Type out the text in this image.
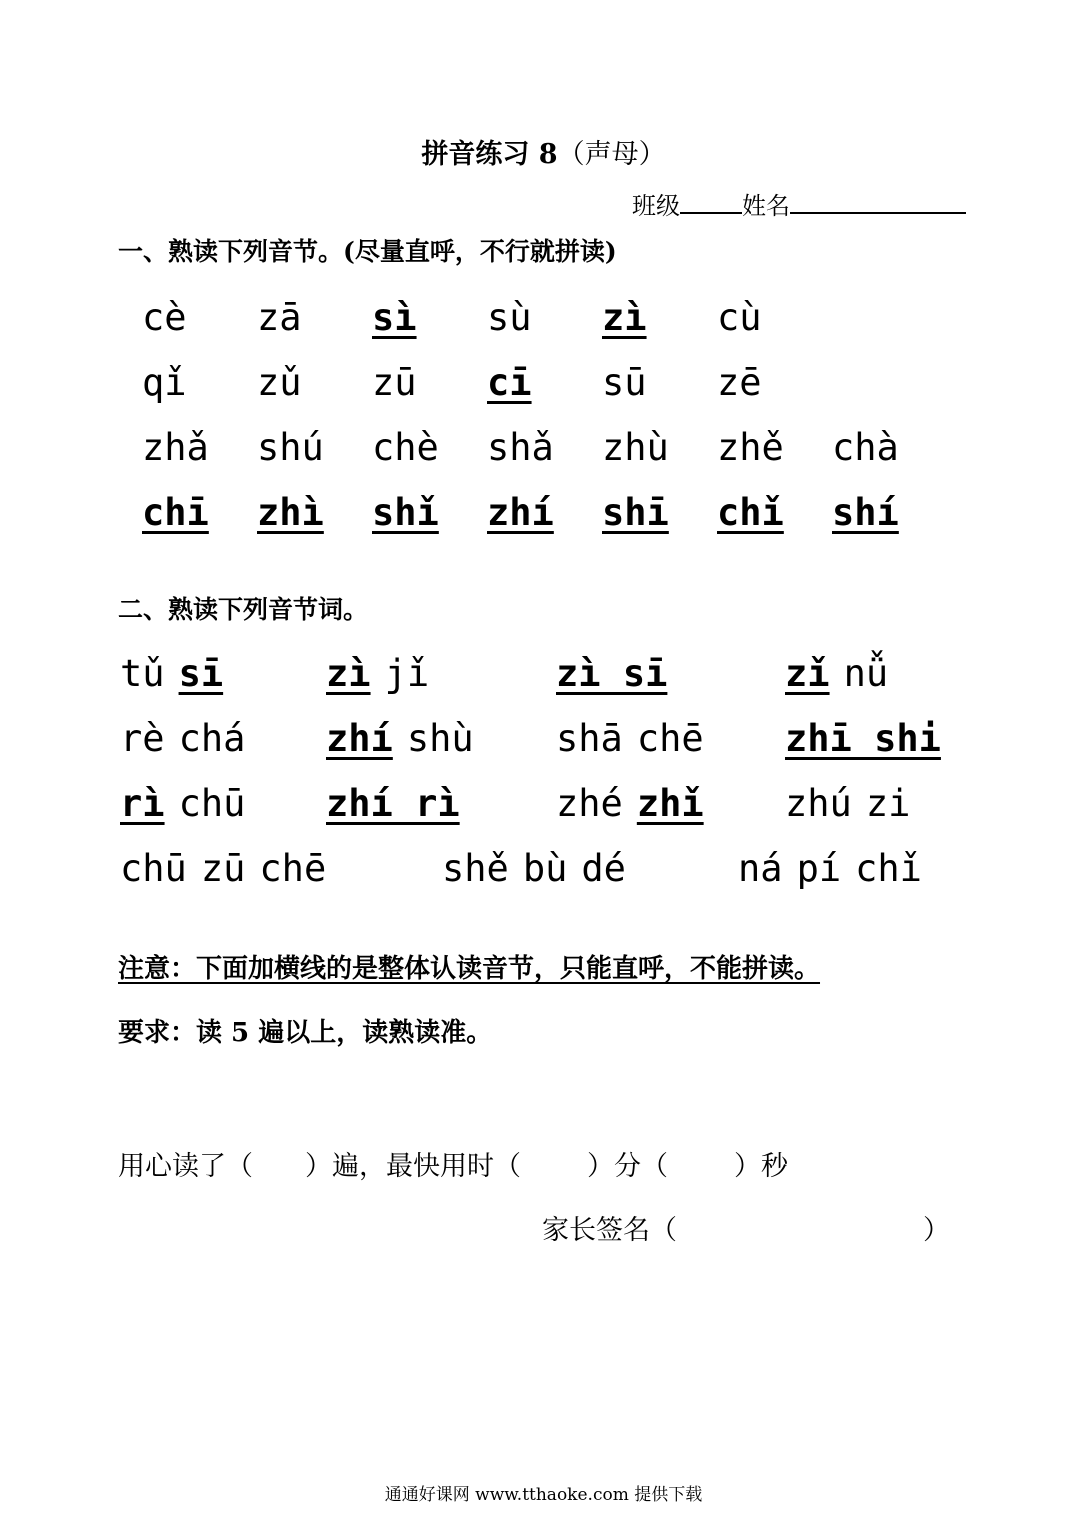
拼音练习 8（声母）
班级	姓名
一、熟读下列音节。(尽量直呼，不行就拼读)
cè zā sì sù zì cù
qǐ zǔ zū cī sū zē
zhǎ shú chè shǎ zhù zhě chà
chī zhì shǐ zhí shī chǐ shí
二、熟读下列音节词。
tǔ sī	zì jǐ	zì sī	zǐ nǚ
rè chá	zhí shù	shā chē	zhī shi
rì chū	zhí rì	zhé zhǐ	zhú zi
chū zū chē	shě bù dé	ná pí chǐ
注意：下面加横线的是整体认读音节，只能直呼，不能拼读。
要求：读 5 遍以上，读熟读准。
用心读了（ ）遍，最快用时（ ）分（ ）秒
家长签名（	）
通通好课网 www.tthaoke.com 提供下载
